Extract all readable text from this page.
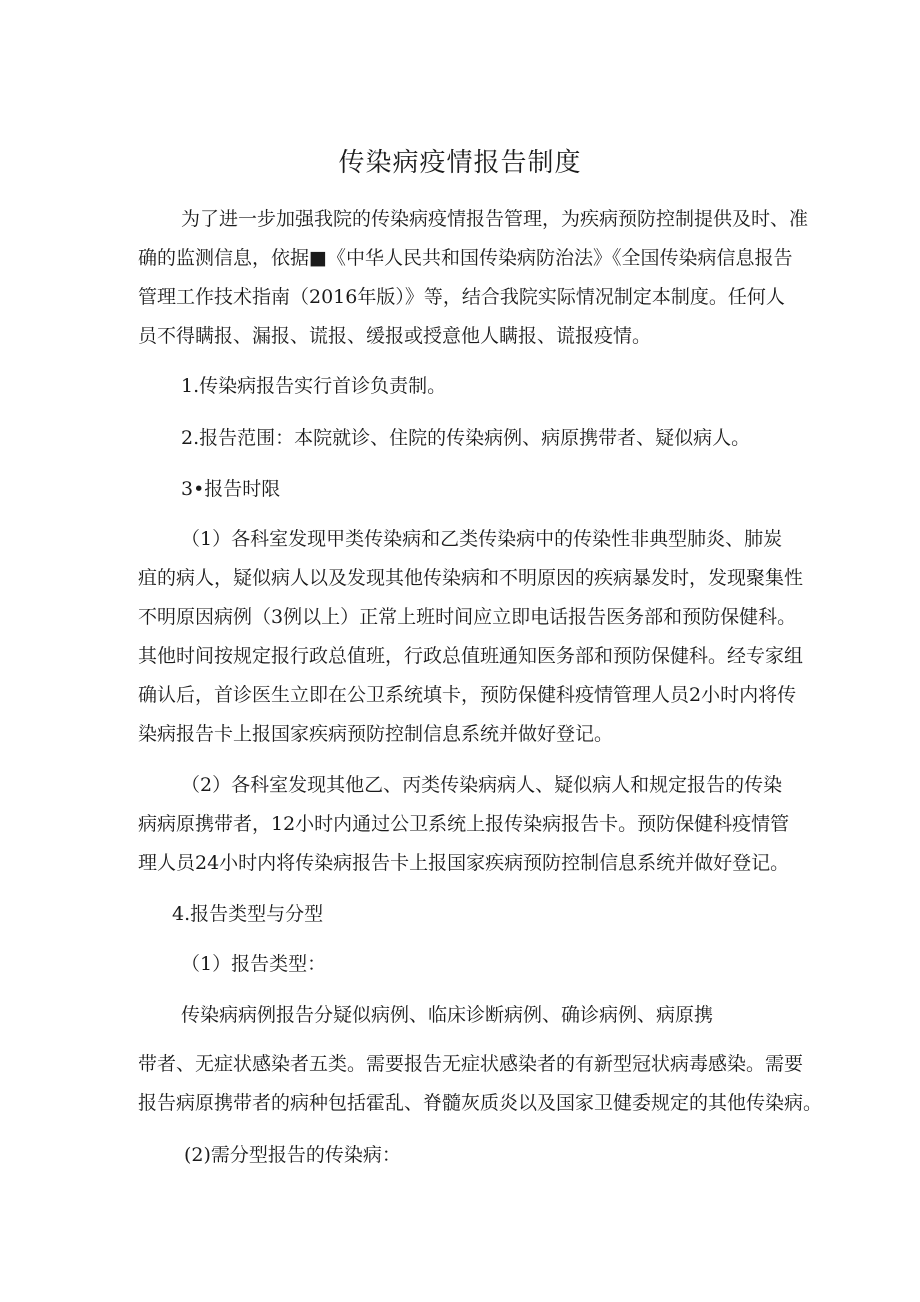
传染病疫情报告制度
为了进一步加强我院的传染病疫情报告管理，为疾病预防控制提供及时、准
确的监测信息，依据■《中华人民共和国传染病防治法》《全国传染病信息报告
管理工作技术指南（2016年版）》等，结合我院实际情况制定本制度。任何人
员不得瞒报、漏报、谎报、缓报或授意他人瞒报、谎报疫情。
1.传染病报告实行首诊负责制。
2.报告范围：本院就诊、住院的传染病例、病原携带者、疑似病人。
3•报告时限
（1）各科室发现甲类传染病和乙类传染病中的传染性非典型肺炎、肺炭
疽的病人，疑似病人以及发现其他传染病和不明原因的疾病暴发时，发现聚集性
不明原因病例（3例以上）正常上班时间应立即电话报告医务部和预防保健科。
其他时间按规定报行政总值班，行政总值班通知医务部和预防保健科。经专家组
确认后，首诊医生立即在公卫系统填卡，预防保健科疫情管理人员2小时内将传
染病报告卡上报国家疾病预防控制信息系统并做好登记。
（2）各科室发现其他乙、丙类传染病病人、疑似病人和规定报告的传染
病病原携带者，12小时内通过公卫系统上报传染病报告卡。预防保健科疫情管
理人员24小时内将传染病报告卡上报国家疾病预防控制信息系统并做好登记。
4.报告类型与分型
（1）报告类型：
传染病病例报告分疑似病例、临床诊断病例、确诊病例、病原携
带者、无症状感染者五类。需要报告无症状感染者的有新型冠状病毒感染。需要
报告病原携带者的病种包括霍乱、脊髓灰质炎以及国家卫健委规定的其他传染病。
(2)需分型报告的传染病：
